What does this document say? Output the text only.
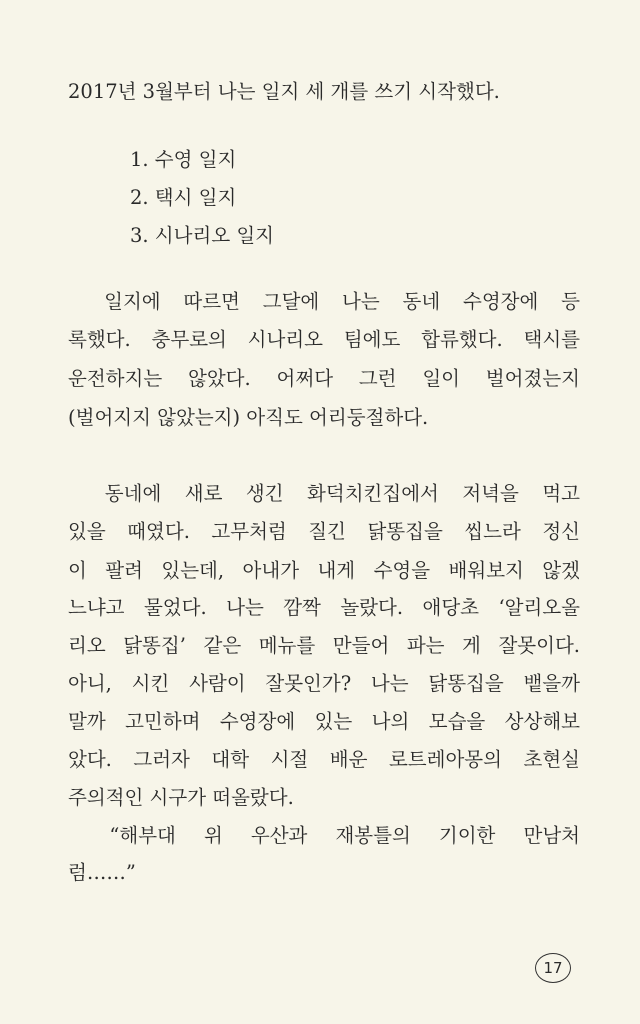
2017년 3월부터 나는 일지 세 개를 쓰기 시작했다.
1. 수영 일지
2. 택시 일지
3. 시나리오 일지
　일지에 따르면 그달에 나는 동네 수영장에 등
록했다. 충무로의 시나리오 팀에도 합류했다. 택시를
운전하지는 않았다. 어쩌다 그런 일이 벌어졌는지
(벌어지지 않았는지) 아직도 어리둥절하다.
　동네에 새로 생긴 화덕치킨집에서 저녁을 먹고
있을 때였다. 고무처럼 질긴 닭똥집을 씹느라 정신
이 팔려 있는데, 아내가 내게 수영을 배워보지 않겠
느냐고 물었다. 나는 깜짝 놀랐다. 애당초 ‘알리오올
리오 닭똥집’ 같은 메뉴를 만들어 파는 게 잘못이다.
아니, 시킨 사람이 잘못인가? 나는 닭똥집을 뱉을까
말까 고민하며 수영장에 있는 나의 모습을 상상해보
았다. 그러자 대학 시절 배운 로트레아몽의 초현실
주의적인 시구가 떠올랐다.
　“해부대 위 우산과 재봉틀의 기이한 만남처
럼……”
17
